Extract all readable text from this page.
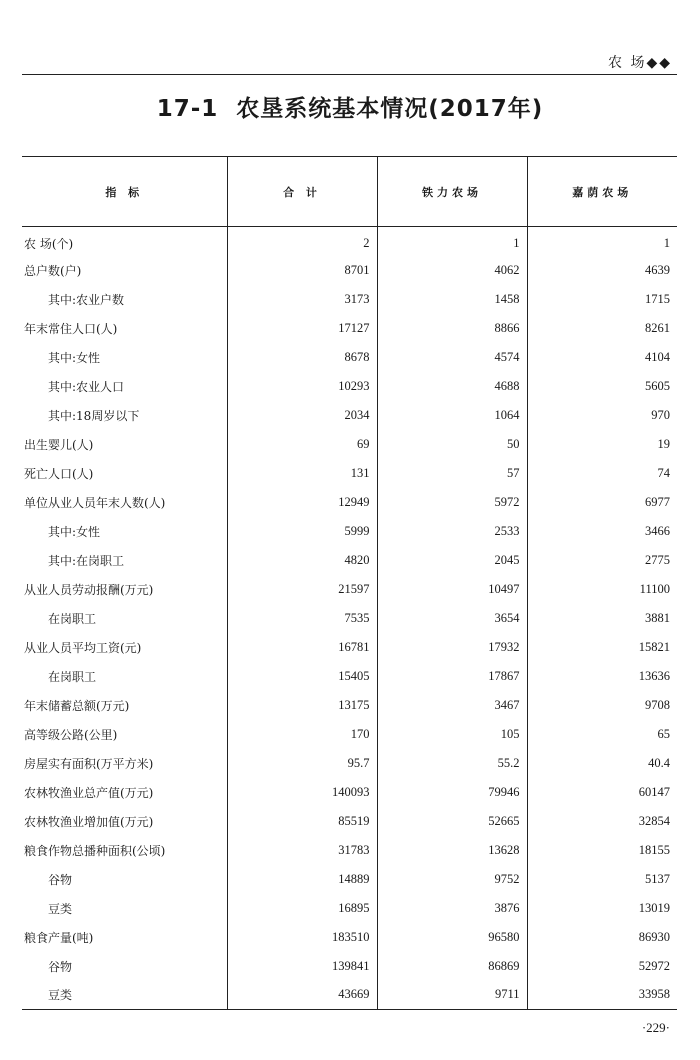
农 场◆◆
17-1 农垦系统基本情况(2017年)
指 标	合 计	铁力农场	嘉荫农场
农 场(个)	2	1	1
总户数(户)	8701	4062	4639
其中:农业户数	3173	1458	1715
年末常住人口(人)	17127	8866	8261
其中:女性	8678	4574	4104
其中:农业人口	10293	4688	5605
其中:18周岁以下	2034	1064	970
出生婴儿(人)	69	50	19
死亡人口(人)	131	57	74
单位从业人员年末人数(人)	12949	5972	6977
其中:女性	5999	2533	3466
其中:在岗职工	4820	2045	2775
从业人员劳动报酬(万元)	21597	10497	11100
在岗职工	7535	3654	3881
从业人员平均工资(元)	16781	17932	15821
在岗职工	15405	17867	13636
年末储蓄总额(万元)	13175	3467	9708
高等级公路(公里)	170	105	65
房屋实有面积(万平方米)	95.7	55.2	40.4
农林牧渔业总产值(万元)	140093	79946	60147
农林牧渔业增加值(万元)	85519	52665	32854
粮食作物总播种面积(公顷)	31783	13628	18155
谷物	14889	9752	5137
豆类	16895	3876	13019
粮食产量(吨)	183510	96580	86930
谷物	139841	86869	52972
豆类	43669	9711	33958
·229·
